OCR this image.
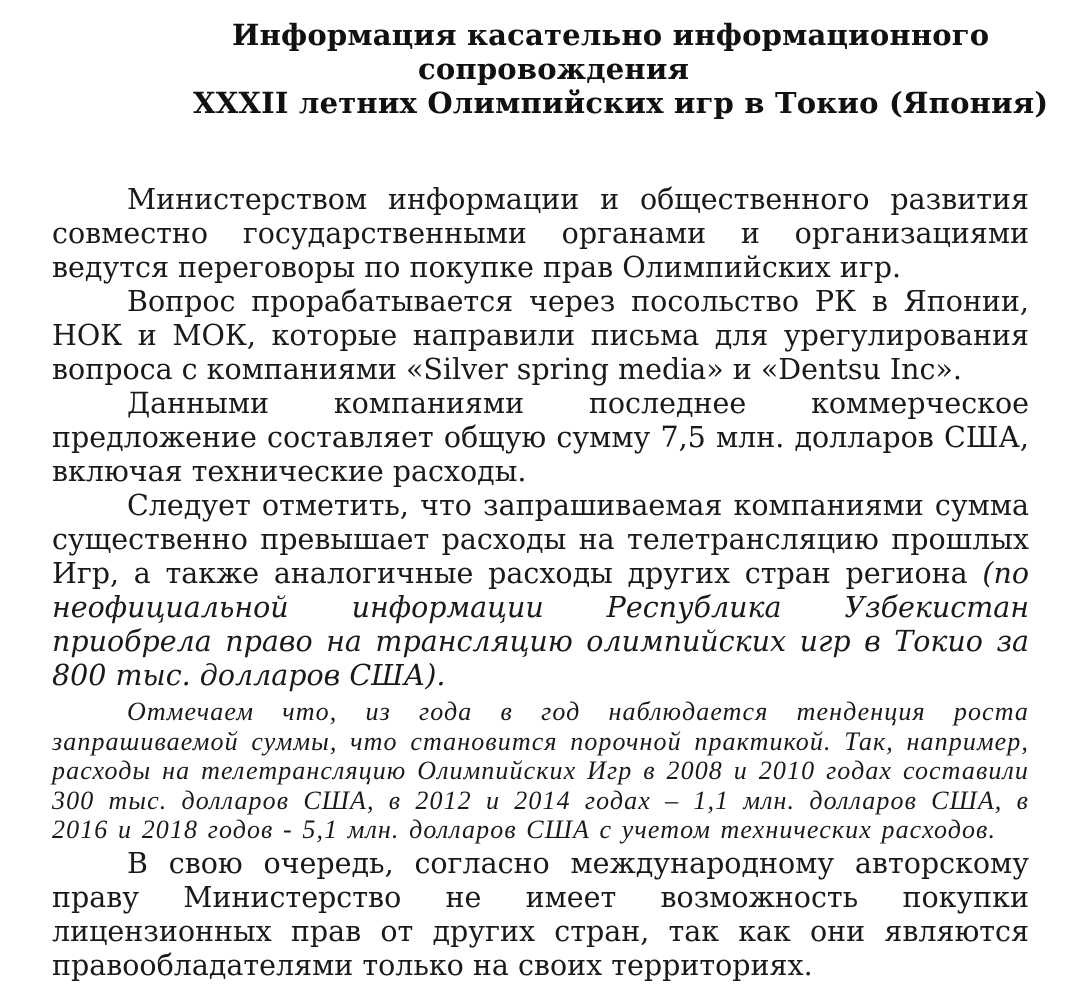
Информация касательно информационного
сопровождения
XXXII летних Олимпийских игр в Токио (Япония)

Министерством информации и общественного развития совместно государственными органами и организациями ведутся переговоры по покупке прав Олимпийских игр.

Вопрос прорабатывается через посольство РК в Японии, НОК и МОК, которые направили письма для урегулирования вопроса с компаниями «Silver spring media» и «Dentsu Inc».

Данными компаниями последнее коммерческое предложение составляет общую сумму 7,5 млн. долларов США, включая технические расходы.

Следует отметить, что запрашиваемая компаниями сумма существенно превышает расходы на телетрансляцию прошлых Игр, а также аналогичные расходы других стран региона (по неофициальной информации Республика Узбекистан приобрела право на трансляцию олимпийских игр в Токио за 800 тыс. долларов США).

Отмечаем что, из года в год наблюдается тенденция роста запрашиваемой суммы, что становится порочной практикой. Так, например, расходы на телетрансляцию Олимпийских Игр в 2008 и 2010 годах составили 300 тыс. долларов США, в 2012 и 2014 годах – 1,1 млн. долларов США, в 2016 и 2018 годов - 5,1 млн. долларов США с учетом технических расходов.

В свою очередь, согласно международному авторскому праву Министерство не имеет возможность покупки лицензионных прав от других стран, так как они являются правообладателями только на своих территориях.
